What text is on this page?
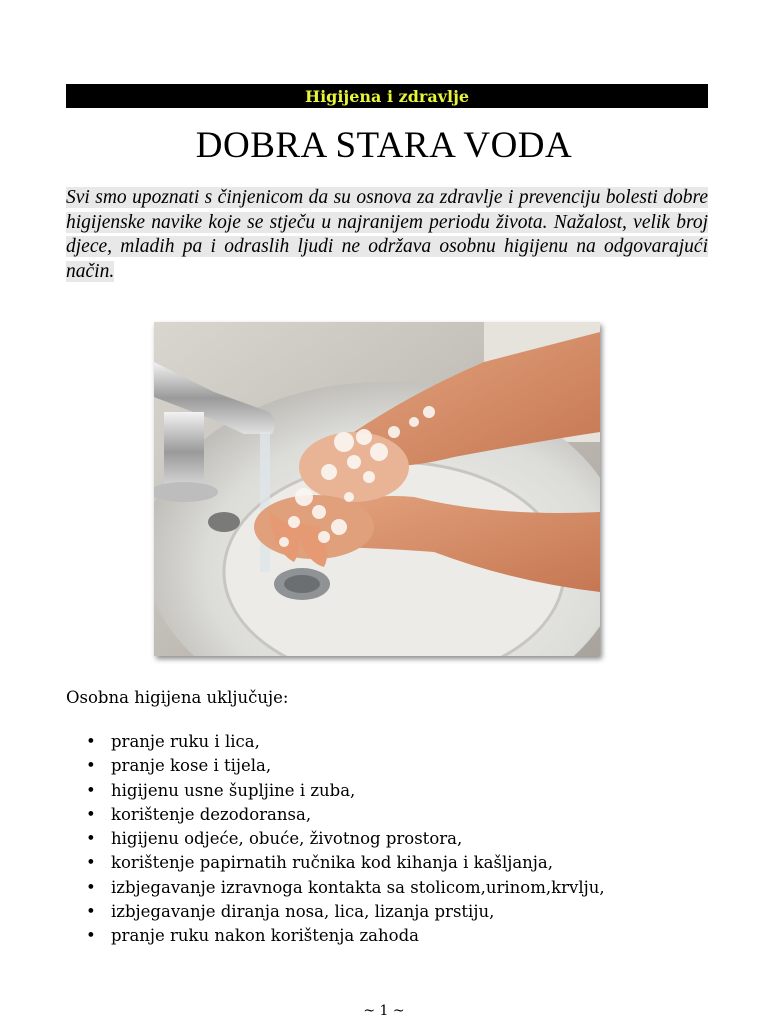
Higijena i zdravlje
DOBRA STARA VODA
Svi smo upoznati s činjenicom da su osnova za zdravlje i prevenciju bolesti dobre higijenske navike koje se stječu u najranijem periodu života. Nažalost, velik broj djece, mladih pa i odraslih ljudi ne održava osobnu higijenu na odgovarajući način.
Osobna higijena uključuje:
• pranje ruku i lica,
• pranje kose i tijela,
• higijenu usne šupljine i zuba,
• korištenje dezodoransa,
• higijenu odjeće, obuće, životnog prostora,
• korištenje papirnatih ručnika kod kihanja i kašljanja,
• izbjegavanje izravnoga kontakta sa stolicom,urinom,krvlju,
• izbjegavanje diranja nosa, lica, lizanja prstiju,
• pranje ruku nakon korištenja zahoda
~ 1 ~
